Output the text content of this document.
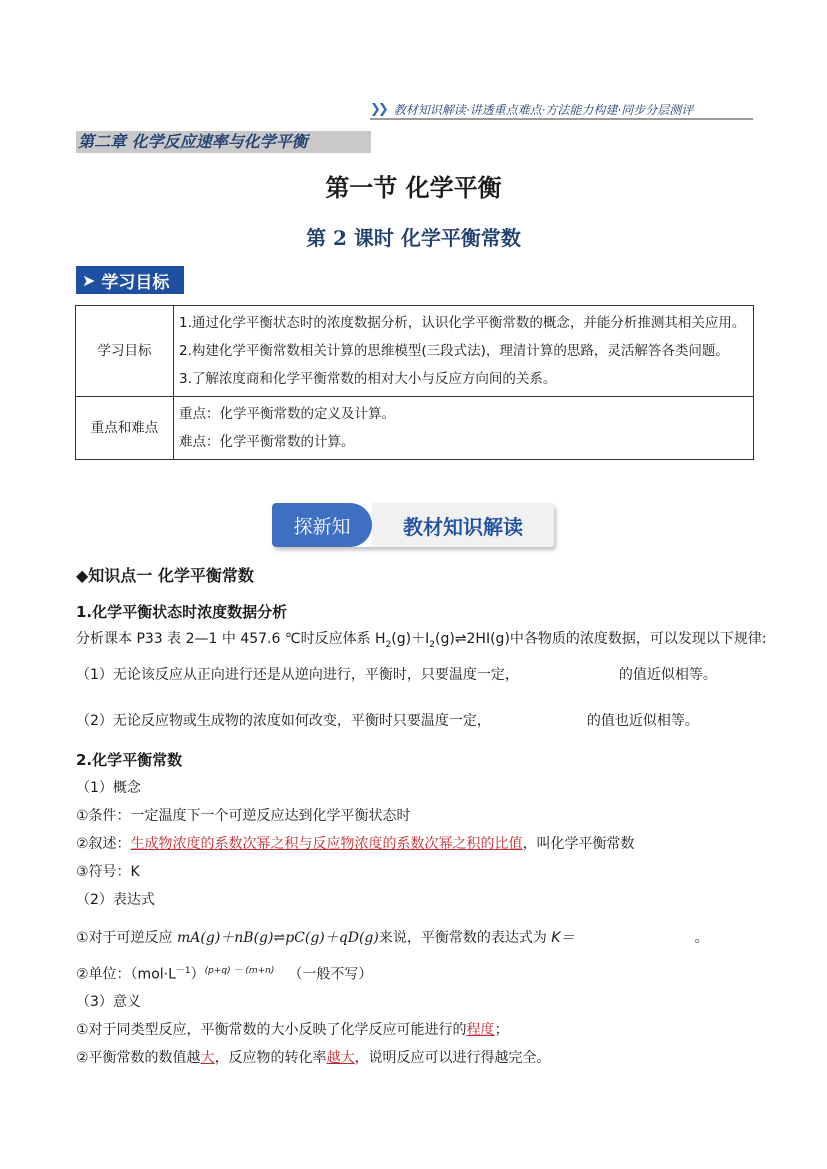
❯❯ 教材知识解读·讲透重点难点·方法能力构建·同步分层测评
第二章 化学反应速率与化学平衡
第一节 化学平衡
第 2 课时 化学平衡常数
➤ 学习目标
学习目标	1.通过化学平衡状态时的浓度数据分析，认识化学平衡常数的概念，并能分析推测其相关应用。
2.构建化学平衡常数相关计算的思维模型(三段式法)，理清计算的思路，灵活解答各类问题。
3.了解浓度商和化学平衡常数的相对大小与反应方向间的关系。

重点和难点	重点：化学平衡常数的定义及计算。
难点：化学平衡常数的计算。
探新知	教材知识解读
◆知识点一 化学平衡常数
1.化学平衡状态时浓度数据分析
分析课本 P33 表 2—1 中 457.6 ℃时反应体系 $H_2(g)+I_2(g)\rightleftharpoons 2HI(g)$中各物质的浓度数据，可以发现以下规律:
（1）无论该反应从正向进行还是从逆向进行，平衡时，只要温度一定，	的值近似相等。
（2）无论反应物或生成物的浓度如何改变，平衡时只要温度一定，	的值也近似相等。
2.化学平衡常数
（1）概念
①条件：一定温度下一个可逆反应达到化学平衡状态时
②叙述：生成物浓度的系数次幂之积与反应物浓度的系数次幂之积的比值，叫化学平衡常数
③符号：K
（2）表达式
①对于可逆反应 mA(g)＋nB(g)⇌pC(g)＋qD(g)来说，平衡常数的表达式为 K＝	。
②单位：$(mol\cdot L^{-1})^{(p+q) - (m+n)}$ （一般不写）
（3）意义
①对于同类型反应，平衡常数的大小反映了化学反应可能进行的程度；
②平衡常数的数值越大，反应物的转化率越大，说明反应可以进行得越完全。
